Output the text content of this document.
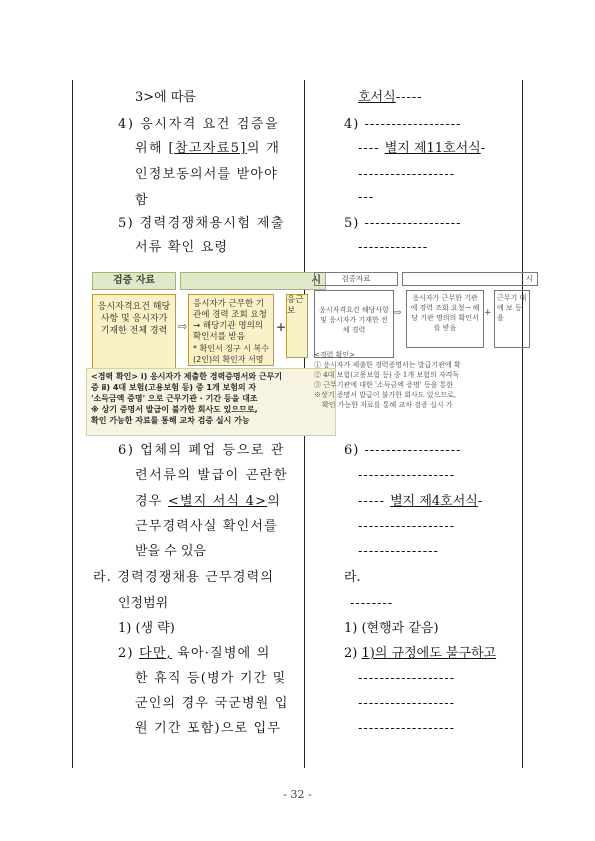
3>에 따름
4) 응시자격 요건 검증을
위해 [참고자료5]의 개
인정보동의서를 받아야
함
5) 경력경쟁채용시험 제출
서류 확인 요령
검증 자료	시
응시자격요건 해당사항 및 응시자가 기재한 전체 경력 ⇨
응시자가 근무한 기관에 경력 조회 요청
→ 해당기관 명의의 확인서를 받음
* 확인서 징구 시 복수(2인)의 확인자 서명
+
응근보
<경력 확인> ⅰ) 응시자가 제출한 경력증명서와 근무기
증 ⅱ) 4대 보험(고용보험 등) 중 1개 보험의 자
'소득금액 증명' 으로 근무기관 · 기간 등을 대조
※ 상기 증명서 발급이 불가한 회사도 있으므로,
확인 가능한 자료를 통해 교차 검증 실시 가능
6) 업체의 폐업 등으로 관
련서류의 발급이 곤란한
경우 <별지 서식 4>의
근무경력사실 확인서를
받을 수 있음
라. 경력경쟁채용 근무경력의
인정범위
1) (생 략)
2) 다만, 육아·질병에 의
한 휴직 등(병가 기간 및
군인의 경우 국군병원 입
원 기간 포함)으로 입무
호서식-----
4) ------------------
---- 별지 제11호서식-
------------------
---
5) ------------------
-------------
검증자료	시
응시자격요건 해당사항 및 응시자가 기재한 전체 경력
⇨
응시자가 근무한 기관에 경력 조회 요청→ 해당 기관 명의의 확인서를 받음
+
근무기 대 에 보 등을
<경력 확인>
① 응시자가 제출한 경력증명서는 발급기관에 확
② 4대 보험(고용보험 등) 중 1개 보험의 자격득
③ 근무기관에 대한 '소득금액 증명' 등을 통한
※상기 증명서 발급이 불가한 회사도 있으므로,
확인 가능한 자료를 통해 교차 검증 실시 가
6) ------------------
------------------
----- 별지 제4호서식-
------------------
---------------
라.
--------
1) (현행과 같음)
2) 1)의 규정에도 불구하고
------------------
------------------
------------------
- 32 -
